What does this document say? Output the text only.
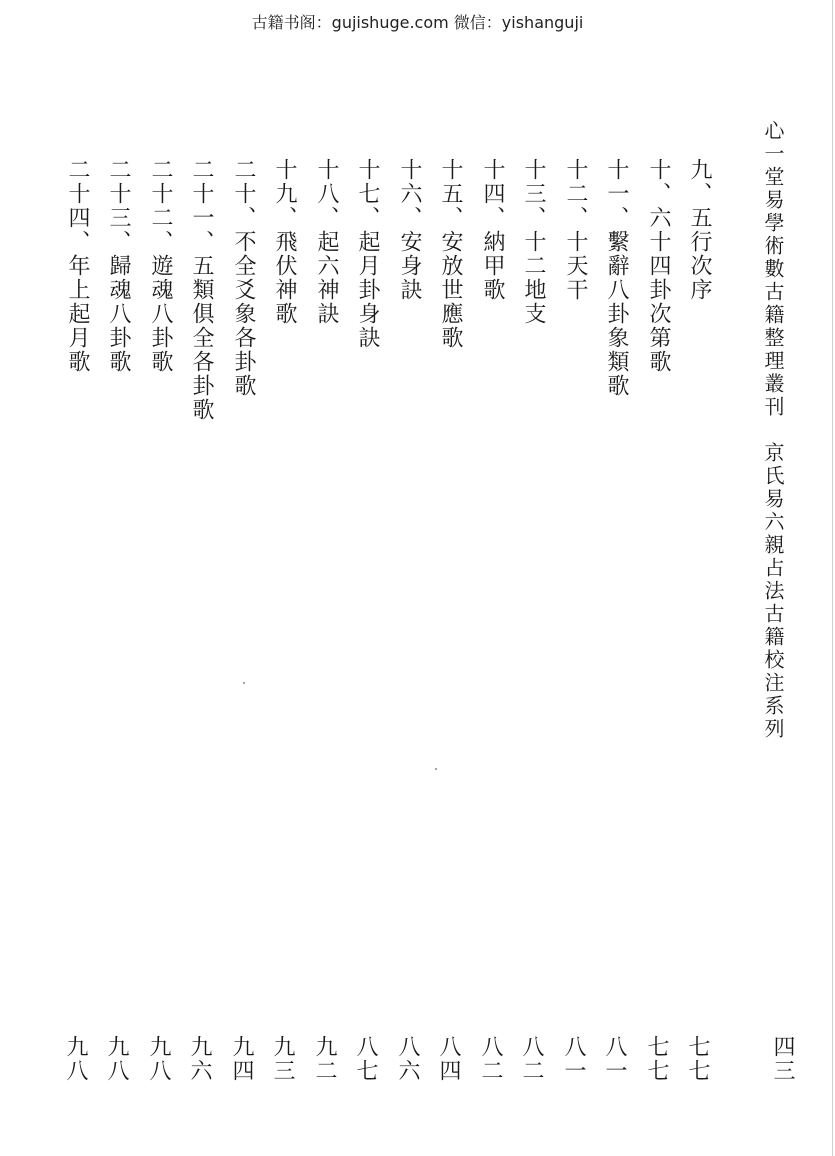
古籍书阁：gujishuge.com 微信：yishanguji
心一堂易學術數古籍整理叢刊　京氏易六親占法古籍校注系列
九、五行次序
七七
十、六十四卦次第歌
七七
十一、繫辭八卦象類歌
八一
十二、十天干
八一
十三、十二地支
八二
十四、納甲歌
八二
十五、安放世應歌
八四
十六、安身訣
八六
十七、起月卦身訣
八七
十八、起六神訣
九二
十九、飛伏神歌
九三
二十、不全爻象各卦歌
九四
二十一、五類俱全各卦歌
九六
二十二、遊魂八卦歌
九八
二十三、歸魂八卦歌
九八
二十四、年上起月歌
九八	四三
